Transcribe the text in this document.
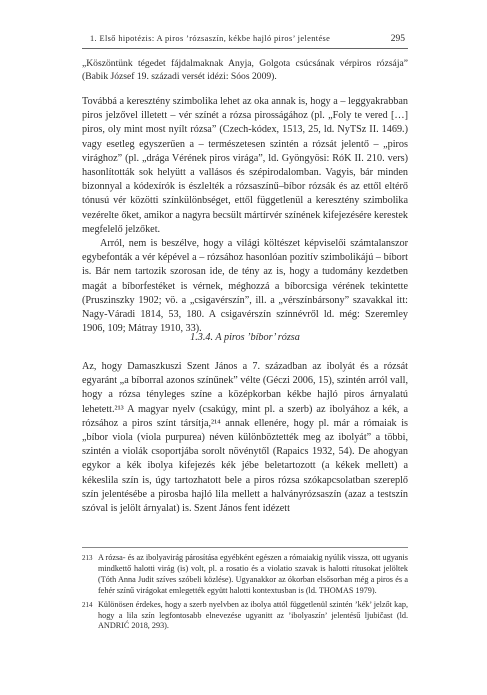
1. Első hipotézis: A piros ’rózsaszín, kékbe hajló piros’ jelentése	295

„Köszöntünk tégedet fájdalmaknak Anyja, Golgota csúcsának vérpiros rózsája” (Babik József 19. századi versét idézi: Sóos 2009).

Továbbá a keresztény szimbolika lehet az oka annak is, hogy a – leggyakrabban piros jelzővel illetett – vér színét a rózsa pirosságához (pl. „Foly te vered […] piros, oly mint most nyílt rózsa” (Czech-kódex, 1513, 25, ld. NyTSz II. 1469.) vagy esetleg egyszerűen a – természetesen szintén a rózsát jelentő – „piros virághoz” (pl. „drága Vérének piros virága”, ld. Gyöngyösi: RóK II. 210. vers) hasonlították sok helyütt a vallásos és szépirodalomban. Vagyis, bár minden bizonnyal a kódexírók is észlelték a rózsaszínű–bíbor rózsák és az ettől eltérő tónusú vér közötti színkülönbséget, ettől függetlenül a keresztény szimbolika vezérelte őket, amikor a nagyra becsült mártírvér színének kifejezésére kerestek megfelelő jelzőket.

Arról, nem is beszélve, hogy a világi költészet képviselői számtalanszor egybefonták a vér képével a – rózsához hasonlóan pozitív szimbolikájú – bíbort is. Bár nem tartozik szorosan ide, de tény az is, hogy a tudomány kezdetben magát a bíborfestéket is vérnek, méghozzá a bíborcsiga vérének tekintette (Pruszinszky 1902; vö. a „csigavérszín”, ill. a „vérszínbársony” szavakkal itt: Nagy-Váradi 1814, 53, 180. A csigavérszín színnévről ld. még: Szeremley 1906, 109; Mátray 1910, 33).

1.3.4. A piros ’bíbor’ rózsa

Az, hogy Damaszkuszi Szent János a 7. században az ibolyát és a rózsát egyaránt „a bíborral azonos színűnek” vélte (Géczi 2006, 15), szintén arról vall, hogy a rózsa tényleges színe a középkorban kékbe hajló piros árnyalatú lehetett.²¹³ A magyar nyelv (csakúgy, mint pl. a szerb) az ibolyához a kék, a rózsához a piros színt társítja,²¹⁴ annak ellenére, hogy pl. már a rómaiak is „bíbor viola (viola purpurea) néven különböztették meg az ibolyát” a többi, szintén a violák csoportjába sorolt növénytől (Rapaics 1932, 54). De ahogyan egykor a kék ibolya kifejezés kék jébe beletartozott (a kékek mellett) a kékeslila szín is, úgy tartozhatott bele a piros rózsa szókapcsolatban szereplő szín jelentésébe a pirosba hajló lila mellett a halványrózsaszín (azaz a testszín szóval is jelölt árnyalat) is. Szent János fent idézett

213 A rózsa- és az ibolyavirág párosítása egyébként egészen a rómaiakig nyúlik vissza, ott ugyanis mindkettő halotti virág (is) volt, pl. a rosatio és a violatio szavak is halotti rítusokat jelöltek (Tóth Anna Judit szíves szóbeli közlése). Ugyanakkor az ókorban elsősorban még a piros és a fehér színű virágokat emlegették együtt halotti kontextusban is (ld. THOMAS 1979).
214 Különösen érdekes, hogy a szerb nyelvben az ibolya attól függetlenül szintén ’kék’ jelzőt kap, hogy a lila szín legfontosabb elnevezése ugyanitt az ’ibolyaszín’ jelentésű ljubičast (ld. ANDRIĆ 2018, 293).
